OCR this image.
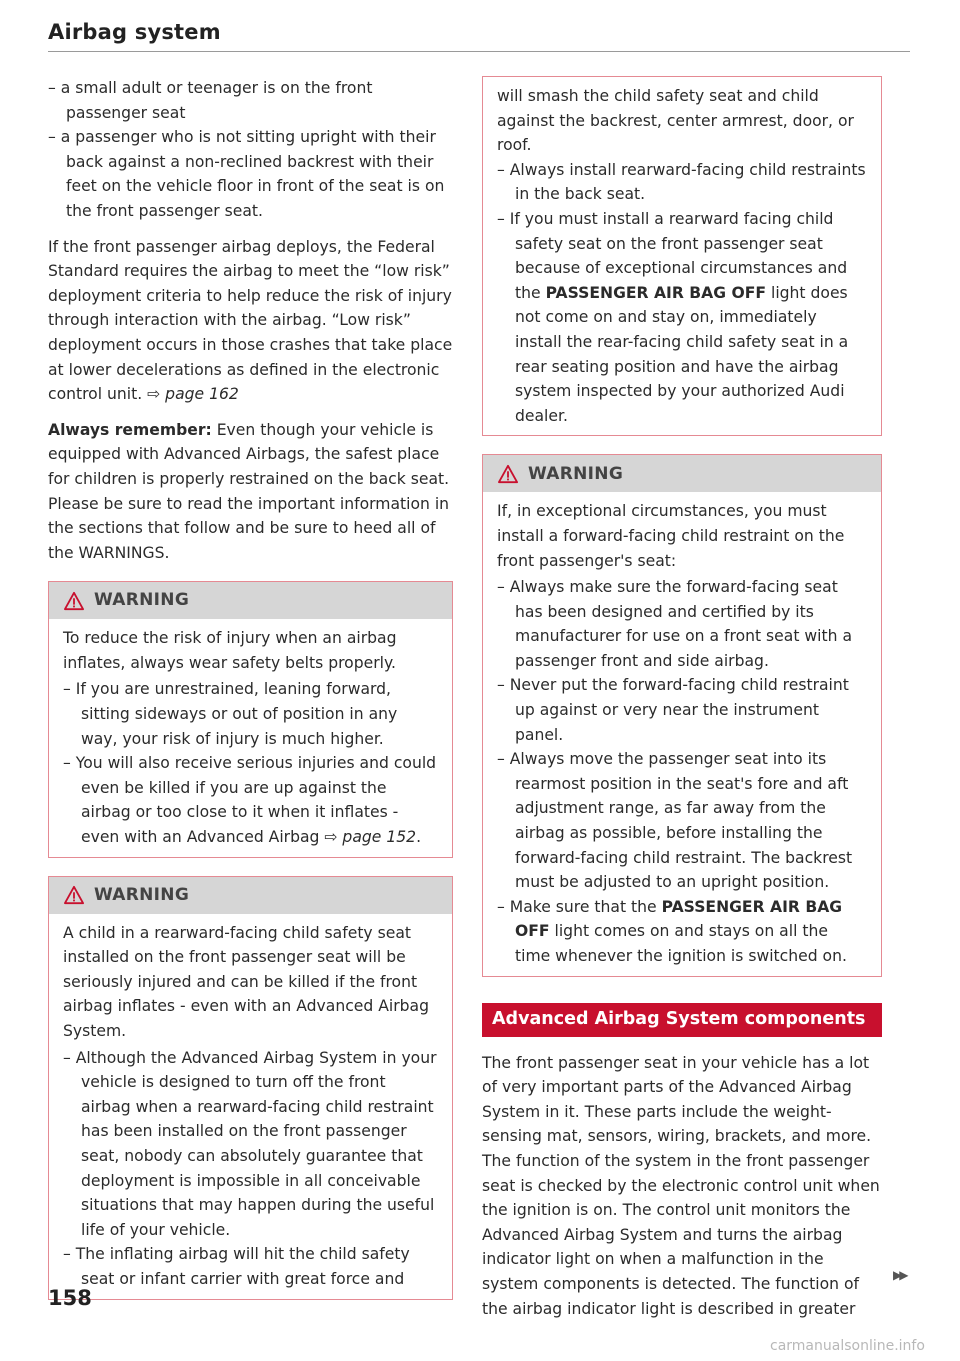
Airbag system
– a small adult or teenager is on the front passenger seat
– a passenger who is not sitting upright with their back against a non-reclined backrest with their feet on the vehicle floor in front of the seat is on the front passenger seat.

If the front passenger airbag deploys, the Federal Standard requires the airbag to meet the “low risk” deployment criteria to help reduce the risk of injury through interaction with the airbag. “Low risk” deployment occurs in those crashes that take place at lower decelerations as defined in the electronic control unit. ⇨ page 162

Always remember: Even though your vehicle is equipped with Advanced Airbags, the safest place for children is properly restrained on the back seat. Please be sure to read the important information in the sections that follow and be sure to heed all of the WARNINGS.

WARNING

To reduce the risk of injury when an airbag inflates, always wear safety belts properly.

– If you are unrestrained, leaning forward, sitting sideways or out of position in any way, your risk of injury is much higher.
– You will also receive serious injuries and could even be killed if you are up against the airbag or too close to it when it inflates - even with an Advanced Airbag ⇨ page 152.
WARNING

A child in a rearward-facing child safety seat installed on the front passenger seat will be seriously injured and can be killed if the front airbag inflates - even with an Advanced Airbag System.

– Although the Advanced Airbag System in your vehicle is designed to turn off the front airbag when a rearward-facing child restraint has been installed on the front passenger seat, nobody can absolutely guarantee that deployment is impossible in all conceivable situations that may happen during the useful life of your vehicle.
– The inflating airbag will hit the child safety seat or infant carrier with great force and

will smash the child safety seat and child against the backrest, center armrest, door, or roof.

– Always install rearward-facing child restraints in the back seat.
– If you must install a rearward facing child safety seat on the front passenger seat because of exceptional circumstances and the PASSENGER AIR BAG OFF light does not come on and stay on, immediately install the rear-facing child safety seat in a rear seating position and have the airbag system inspected by your authorized Audi dealer.
WARNING

If, in exceptional circumstances, you must install a forward-facing child restraint on the front passenger's seat:

– Always make sure the forward-facing seat has been designed and certified by its manufacturer for use on a front seat with a passenger front and side airbag.
– Never put the forward-facing child restraint up against or very near the instrument panel.
– Always move the passenger seat into its rearmost position in the seat's fore and aft adjustment range, as far away from the airbag as possible, before installing the forward-facing child restraint. The backrest must be adjusted to an upright position.
– Make sure that the PASSENGER AIR BAG OFF light comes on and stays on all the time whenever the ignition is switched on.
Advanced Airbag System components

The front passenger seat in your vehicle has a lot of very important parts of the Advanced Airbag System in it. These parts include the weight-sensing mat, sensors, wiring, brackets, and more. The function of the system in the front passenger seat is checked by the electronic control unit when the ignition is on. The control unit monitors the Advanced Airbag System and turns the airbag indicator light on when a malfunction in the system components is detected. The function of the airbag indicator light is described in greater

▶▶
158
carmanualsonline.info
